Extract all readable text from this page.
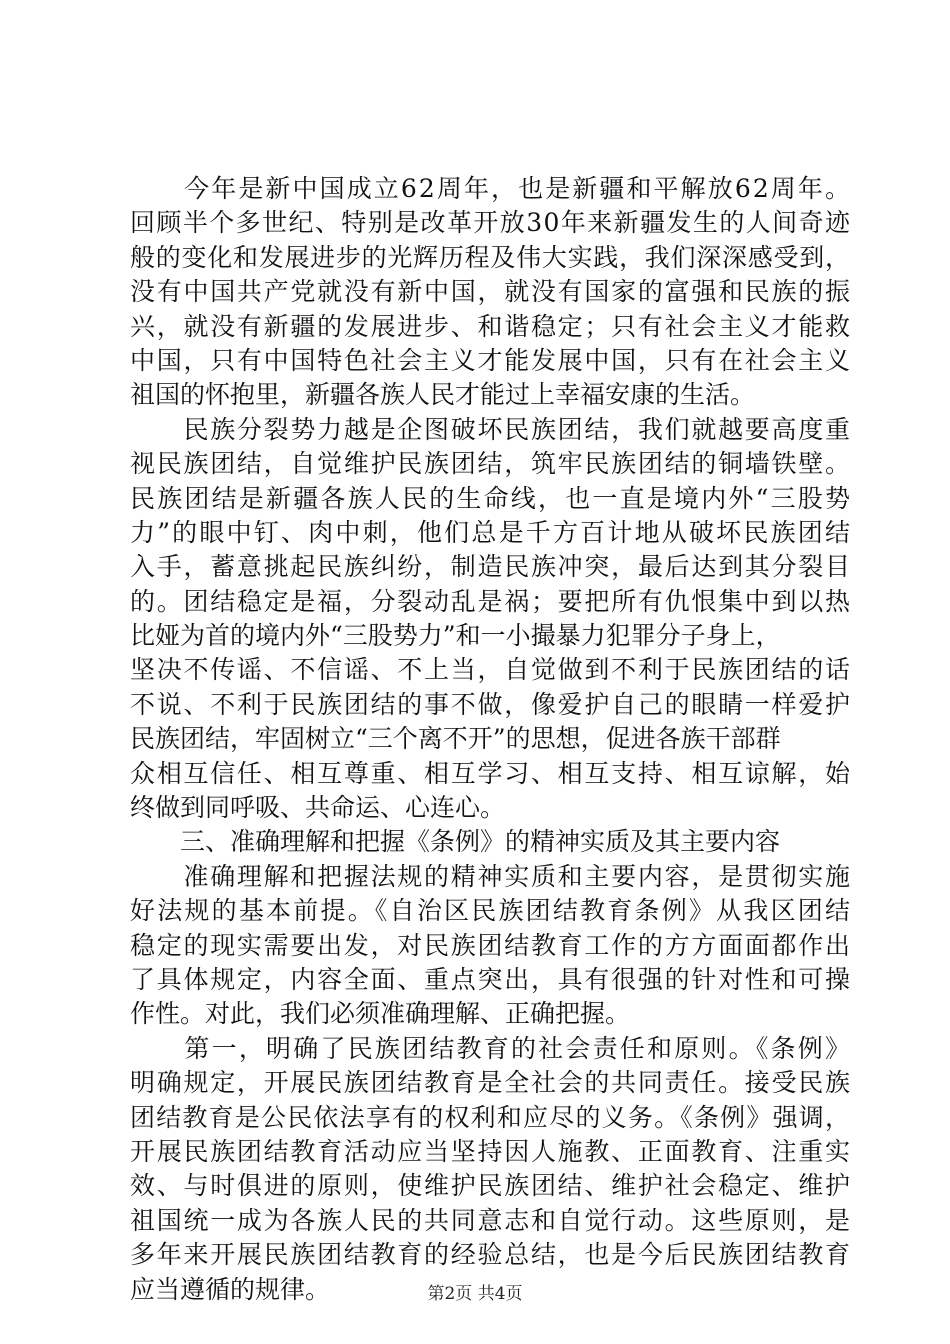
　　今年是新中国成立62周年，也是新疆和平解放62周年。
回顾半个多世纪、特别是改革开放30年来新疆发生的人间奇迹
般的变化和发展进步的光辉历程及伟大实践，我们深深感受到，
没有中国共产党就没有新中国，就没有国家的富强和民族的振
兴，就没有新疆的发展进步、和谐稳定；只有社会主义才能救
中国，只有中国特色社会主义才能发展中国，只有在社会主义
祖国的怀抱里，新疆各族人民才能过上幸福安康的生活。
　　民族分裂势力越是企图破坏民族团结，我们就越要高度重
视民族团结，自觉维护民族团结，筑牢民族团结的铜墙铁壁。
民族团结是新疆各族人民的生命线，也一直是境内外“三股势
力”的眼中钉、肉中刺，他们总是千方百计地从破坏民族团结
入手，蓄意挑起民族纠纷，制造民族冲突，最后达到其分裂目
的。团结稳定是福，分裂动乱是祸；要把所有仇恨集中到以热
比娅为首的境内外“三股势力”和一小撮暴力犯罪分子身上，
坚决不传谣、不信谣、不上当，自觉做到不利于民族团结的话
不说、不利于民族团结的事不做，像爱护自己的眼睛一样爱护
民族团结，牢固树立“三个离不开”的思想，促进各族干部群
众相互信任、相互尊重、相互学习、相互支持、相互谅解，始
终做到同呼吸、共命运、心连心。
　　三、准确理解和把握《条例》的精神实质及其主要内容
　　准确理解和把握法规的精神实质和主要内容，是贯彻实施
好法规的基本前提。《自治区民族团结教育条例》从我区团结
稳定的现实需要出发，对民族团结教育工作的方方面面都作出
了具体规定，内容全面、重点突出，具有很强的针对性和可操
作性。对此，我们必须准确理解、正确把握。
　　第一，明确了民族团结教育的社会责任和原则。《条例》
明确规定，开展民族团结教育是全社会的共同责任。接受民族
团结教育是公民依法享有的权利和应尽的义务。《条例》强调，
开展民族团结教育活动应当坚持因人施教、正面教育、注重实
效、与时俱进的原则，使维护民族团结、维护社会稳定、维护
祖国统一成为各族人民的共同意志和自觉行动。这些原则，是
多年来开展民族团结教育的经验总结，也是今后民族团结教育
应当遵循的规律。	第2页 共4页
